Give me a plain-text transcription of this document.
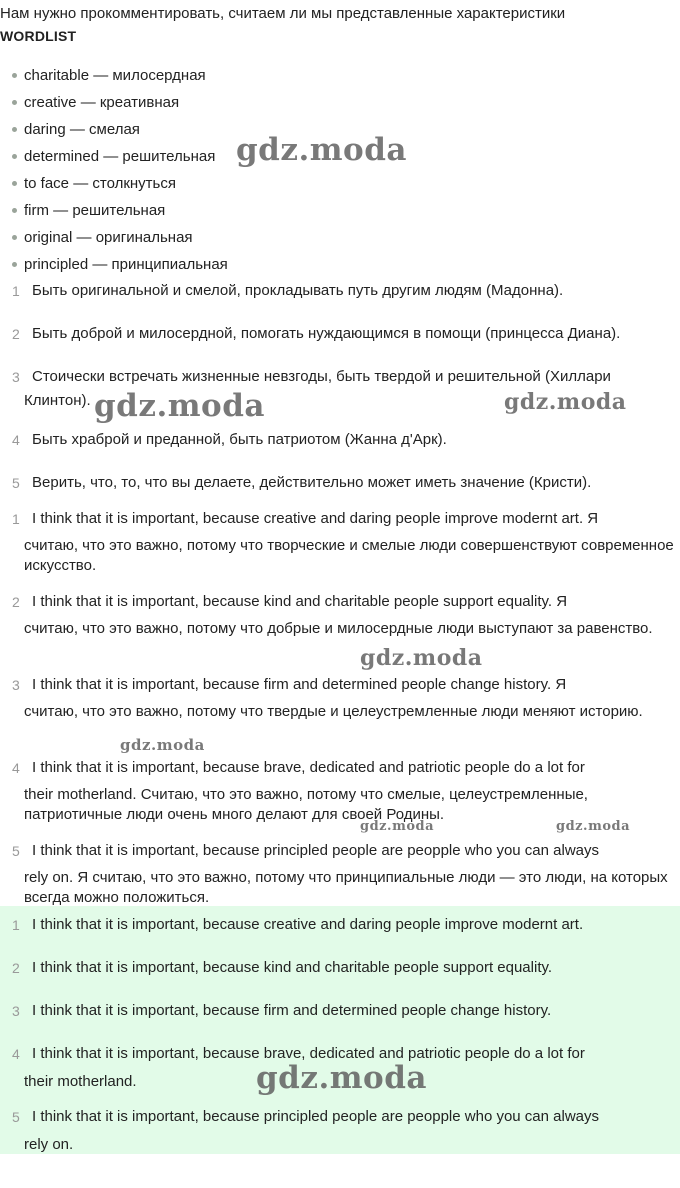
Нам нужно прокомментировать, считаем ли мы представленные характеристики
WORDLIST
charitable — милосердная
creative — креативная
daring — смелая
determined — решительная
to face — столкнуться
firm — решительная
original — оригинальная
principled — принципиальная
1 Быть оригинальной и смелой, прокладывать путь другим людям (Мадонна).
2 Быть доброй и милосердной, помогать нуждающимся в помощи (принцесса Диана).
3 Стоически встречать жизненные невзгоды, быть твердой и решительной (Хиллари
Клинтон).
4 Быть храброй и преданной, быть патриотом (Жанна д'Арк).
5 Верить, что, то, что вы делаете, действительно может иметь значение (Кристи).
1 I think that it is important, because creative and daring people improve modernt art. Я
считаю, что это важно, потому что творческие и смелые люди совершенствуют современное искусство.
2 I think that it is important, because kind and charitable people support equality. Я
считаю, что это важно, потому что добрые и милосердные люди выступают за равенство.
3 I think that it is important, because firm and determined people change history. Я
считаю, что это важно, потому что твердые и целеустремленные люди меняют историю.
4 I think that it is important, because brave, dedicated and patriotic people do a lot for
their motherland. Считаю, что это важно, потому что смелые, целеустремленные, патриотичные люди очень много делают для своей Родины.
5 I think that it is important, because principled people are peopple who you can always
rely on. Я считаю, что это важно, потому что принципиальные люди — это люди, на которых всегда можно положиться.
1 I think that it is important, because creative and daring people improve modernt art.
2 I think that it is important, because kind and charitable people support equality.
3 I think that it is important, because firm and determined people change history.
4 I think that it is important, because brave, dedicated and patriotic people do a lot for
their motherland.
5 I think that it is important, because principled people are peopple who you can always
rely on.
gdz.moda
gdz.moda	gdz.moda
gdz.moda
gdz.moda
gdz.moda	gdz.moda
gdz.moda
